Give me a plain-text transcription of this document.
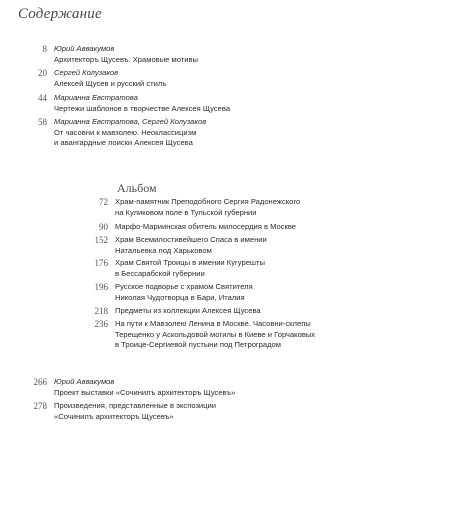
Содержание
8 Юрий Аввакумов
Архитекторъ Щусевъ. Храмовые мотивы
20 Сергей Колузаков
Алексей Щусев и русский стиль
44 Марианна Евстратова
Чертежи шаблонов в творчестве Алексея Щусева
58 Марианна Евстратова, Сергей Колузаков
От часовни к мавзолею. Неоклассицизм
и авангардные поиски Алексея Щусева
Альбом
72 Храм-памятник Преподобного Сергия Радонежского
на Куликовом поле в Тульской губернии
90 Марфо-Мариинская обитель милосердия в Москве
152 Храм Всемилостивейшего Спаса в имении
Натальевка под Харьковом
176 Храм Святой Троицы в имении Кугурешты
в Бессарабской губернии
196 Русское подворье с храмом Святителя
Николая Чудотворца в Бари, Италия
218 Предметы из коллекции Алексея Щусева
236 На пути к Мавзолею Ленина в Москве. Часовни-склепы
Терещенко у Аскольдовой могилы в Киеве и Горчаковых
в Троице-Сергиевой пустыни под Петроградом
266 Юрий Аввакумов
Проект выставки «Сочинилъ архитекторъ Щусевъ»
278 Произведения, представленные в экспозиции
«Сочинилъ архитекторъ Щусевъ»
